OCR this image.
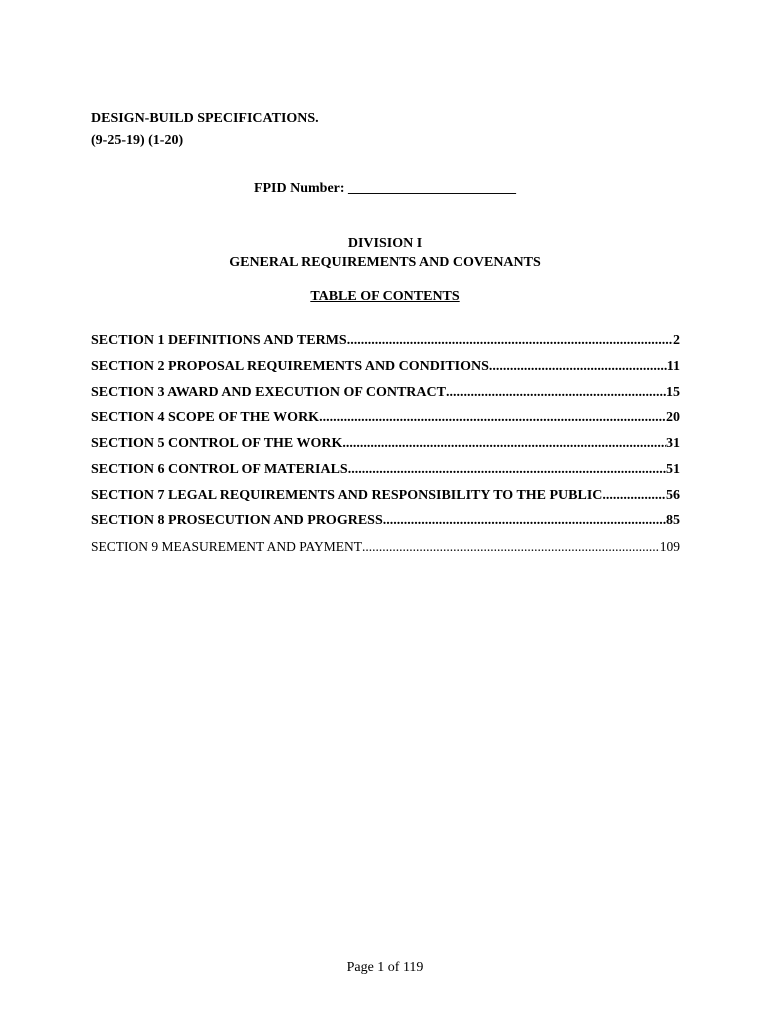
DESIGN-BUILD SPECIFICATIONS.
(9-25-19) (1-20)
FPID Number: ________________________
DIVISION I
GENERAL REQUIREMENTS AND COVENANTS
TABLE OF CONTENTS
SECTION 1 DEFINITIONS AND TERMS .....	2
SECTION 2 PROPOSAL REQUIREMENTS AND CONDITIONS .....	11
SECTION 3 AWARD AND EXECUTION OF CONTRACT .....	15
SECTION 4 SCOPE OF THE WORK .....	20
SECTION 5 CONTROL OF THE WORK .....	31
SECTION 6 CONTROL OF MATERIALS .....	51
SECTION 7 LEGAL REQUIREMENTS AND RESPONSIBILITY TO THE PUBLIC .....	56
SECTION 8 PROSECUTION AND PROGRESS .....	85
SECTION 9 MEASUREMENT AND PAYMENT .....	109
Page 1 of 119
